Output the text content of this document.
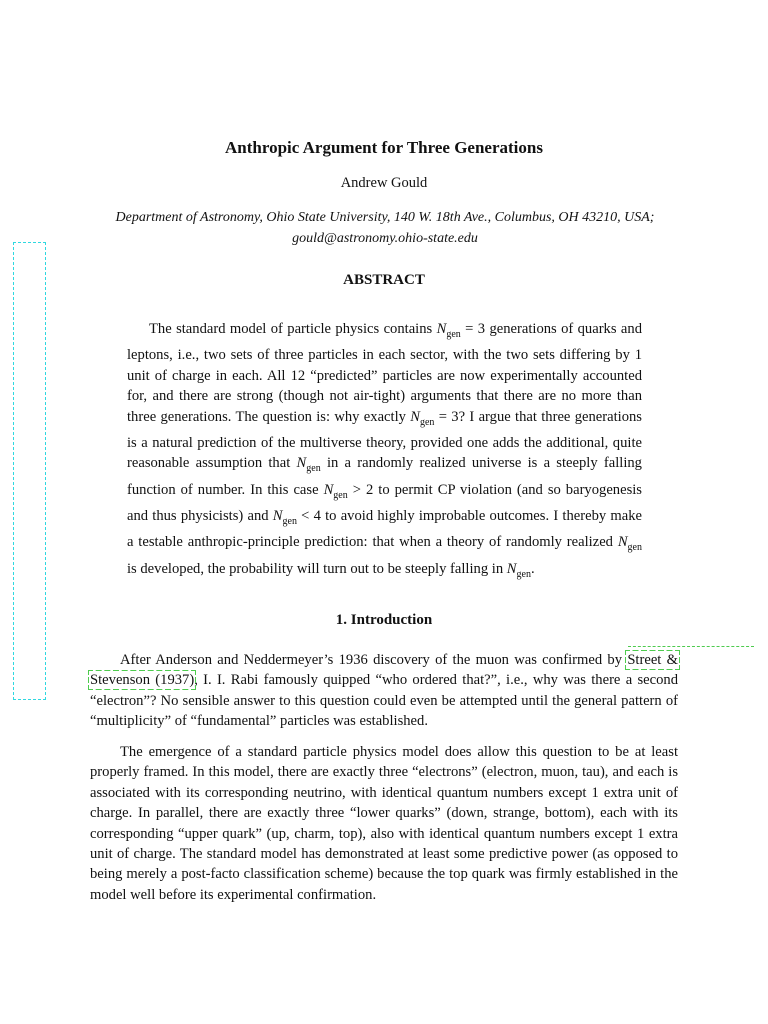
Anthropic Argument for Three Generations
Andrew Gould
Department of Astronomy, Ohio State University, 140 W. 18th Ave., Columbus, OH 43210, USA; gould@astronomy.ohio-state.edu
ABSTRACT
The standard model of particle physics contains $N_{gen} = 3$ generations of quarks and leptons, i.e., two sets of three particles in each sector, with the two sets differing by 1 unit of charge in each. All 12 “predicted” particles are now experimentally accounted for, and there are strong (though not air-tight) arguments that there are no more than three generations. The question is: why exactly $N_{gen} = 3$? I argue that three generations is a natural prediction of the multiverse theory, provided one adds the additional, quite reasonable assumption that $N_{gen}$ in a randomly realized universe is a steeply falling function of number. In this case $N_{gen} > 2$ to permit CP violation (and so baryogenesis and thus physicists) and $N_{gen} < 4$ to avoid highly improbable outcomes. I thereby make a testable anthropic-principle prediction: that when a theory of randomly realized $N_{gen}$ is developed, the probability will turn out to be steeply falling in $N_{gen}$.
1. Introduction
After Anderson and Neddermeyer’s 1936 discovery of the muon was confirmed by Street & Stevenson (1937), I. I. Rabi famously quipped “who ordered that?”, i.e., why was there a second “electron”? No sensible answer to this question could even be attempted until the general pattern of “multiplicity” of “fundamental” particles was established.
The emergence of a standard particle physics model does allow this question to be at least properly framed. In this model, there are exactly three “electrons” (electron, muon, tau), and each is associated with its corresponding neutrino, with identical quantum numbers except 1 extra unit of charge. In parallel, there are exactly three “lower quarks” (down, strange, bottom), each with its corresponding “upper quark” (up, charm, top), also with identical quantum numbers except 1 extra unit of charge. The standard model has demonstrated at least some predictive power (as opposed to being merely a post-facto classification scheme) because the top quark was firmly established in the model well before its experimental confirmation.
